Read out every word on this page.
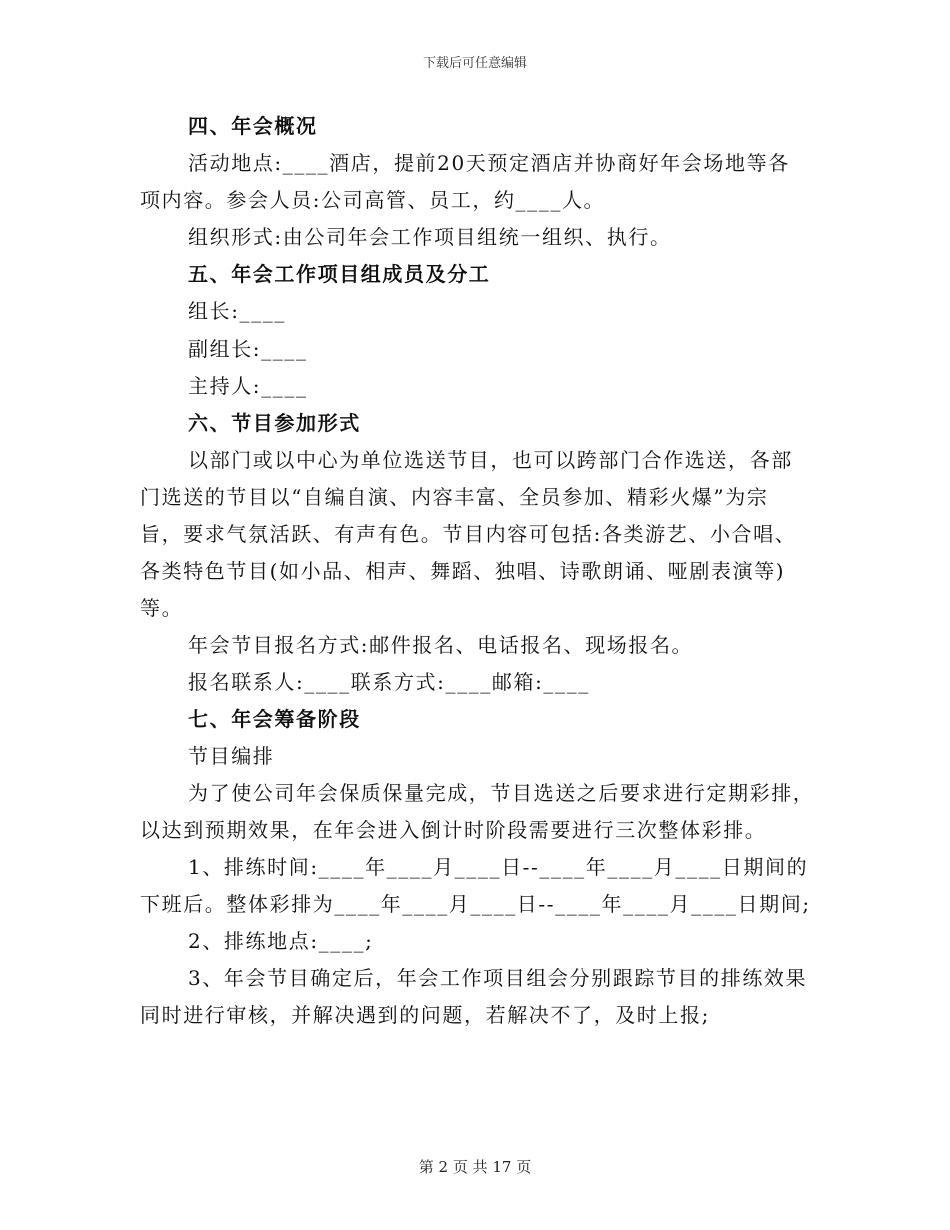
下载后可任意编辑
四、年会概况
活动地点:____酒店，提前20天预定酒店并协商好年会场地等各
项内容。参会人员:公司高管、员工，约____人。
组织形式:由公司年会工作项目组统一组织、执行。
五、年会工作项目组成员及分工
组长:____
副组长:____
主持人:____
六、节目参加形式
以部门或以中心为单位选送节目，也可以跨部门合作选送，各部
门选送的节目以“自编自演、内容丰富、全员参加、精彩火爆”为宗
旨，要求气氛活跃、有声有色。节目内容可包括:各类游艺、小合唱、
各类特色节目(如小品、相声、舞蹈、独唱、诗歌朗诵、哑剧表演等)
等。
年会节目报名方式:邮件报名、电话报名、现场报名。
报名联系人:____联系方式:____邮箱:____
七、年会筹备阶段
节目编排
为了使公司年会保质保量完成，节目选送之后要求进行定期彩排，
以达到预期效果，在年会进入倒计时阶段需要进行三次整体彩排。
1、排练时间:____年____月____日--____年____月____日期间的
下班后。整体彩排为____年____月____日--____年____月____日期间;
2、排练地点:____;
3、年会节目确定后，年会工作项目组会分别跟踪节目的排练效果
同时进行审核，并解决遇到的问题，若解决不了，及时上报;
第 2 页 共 17 页
